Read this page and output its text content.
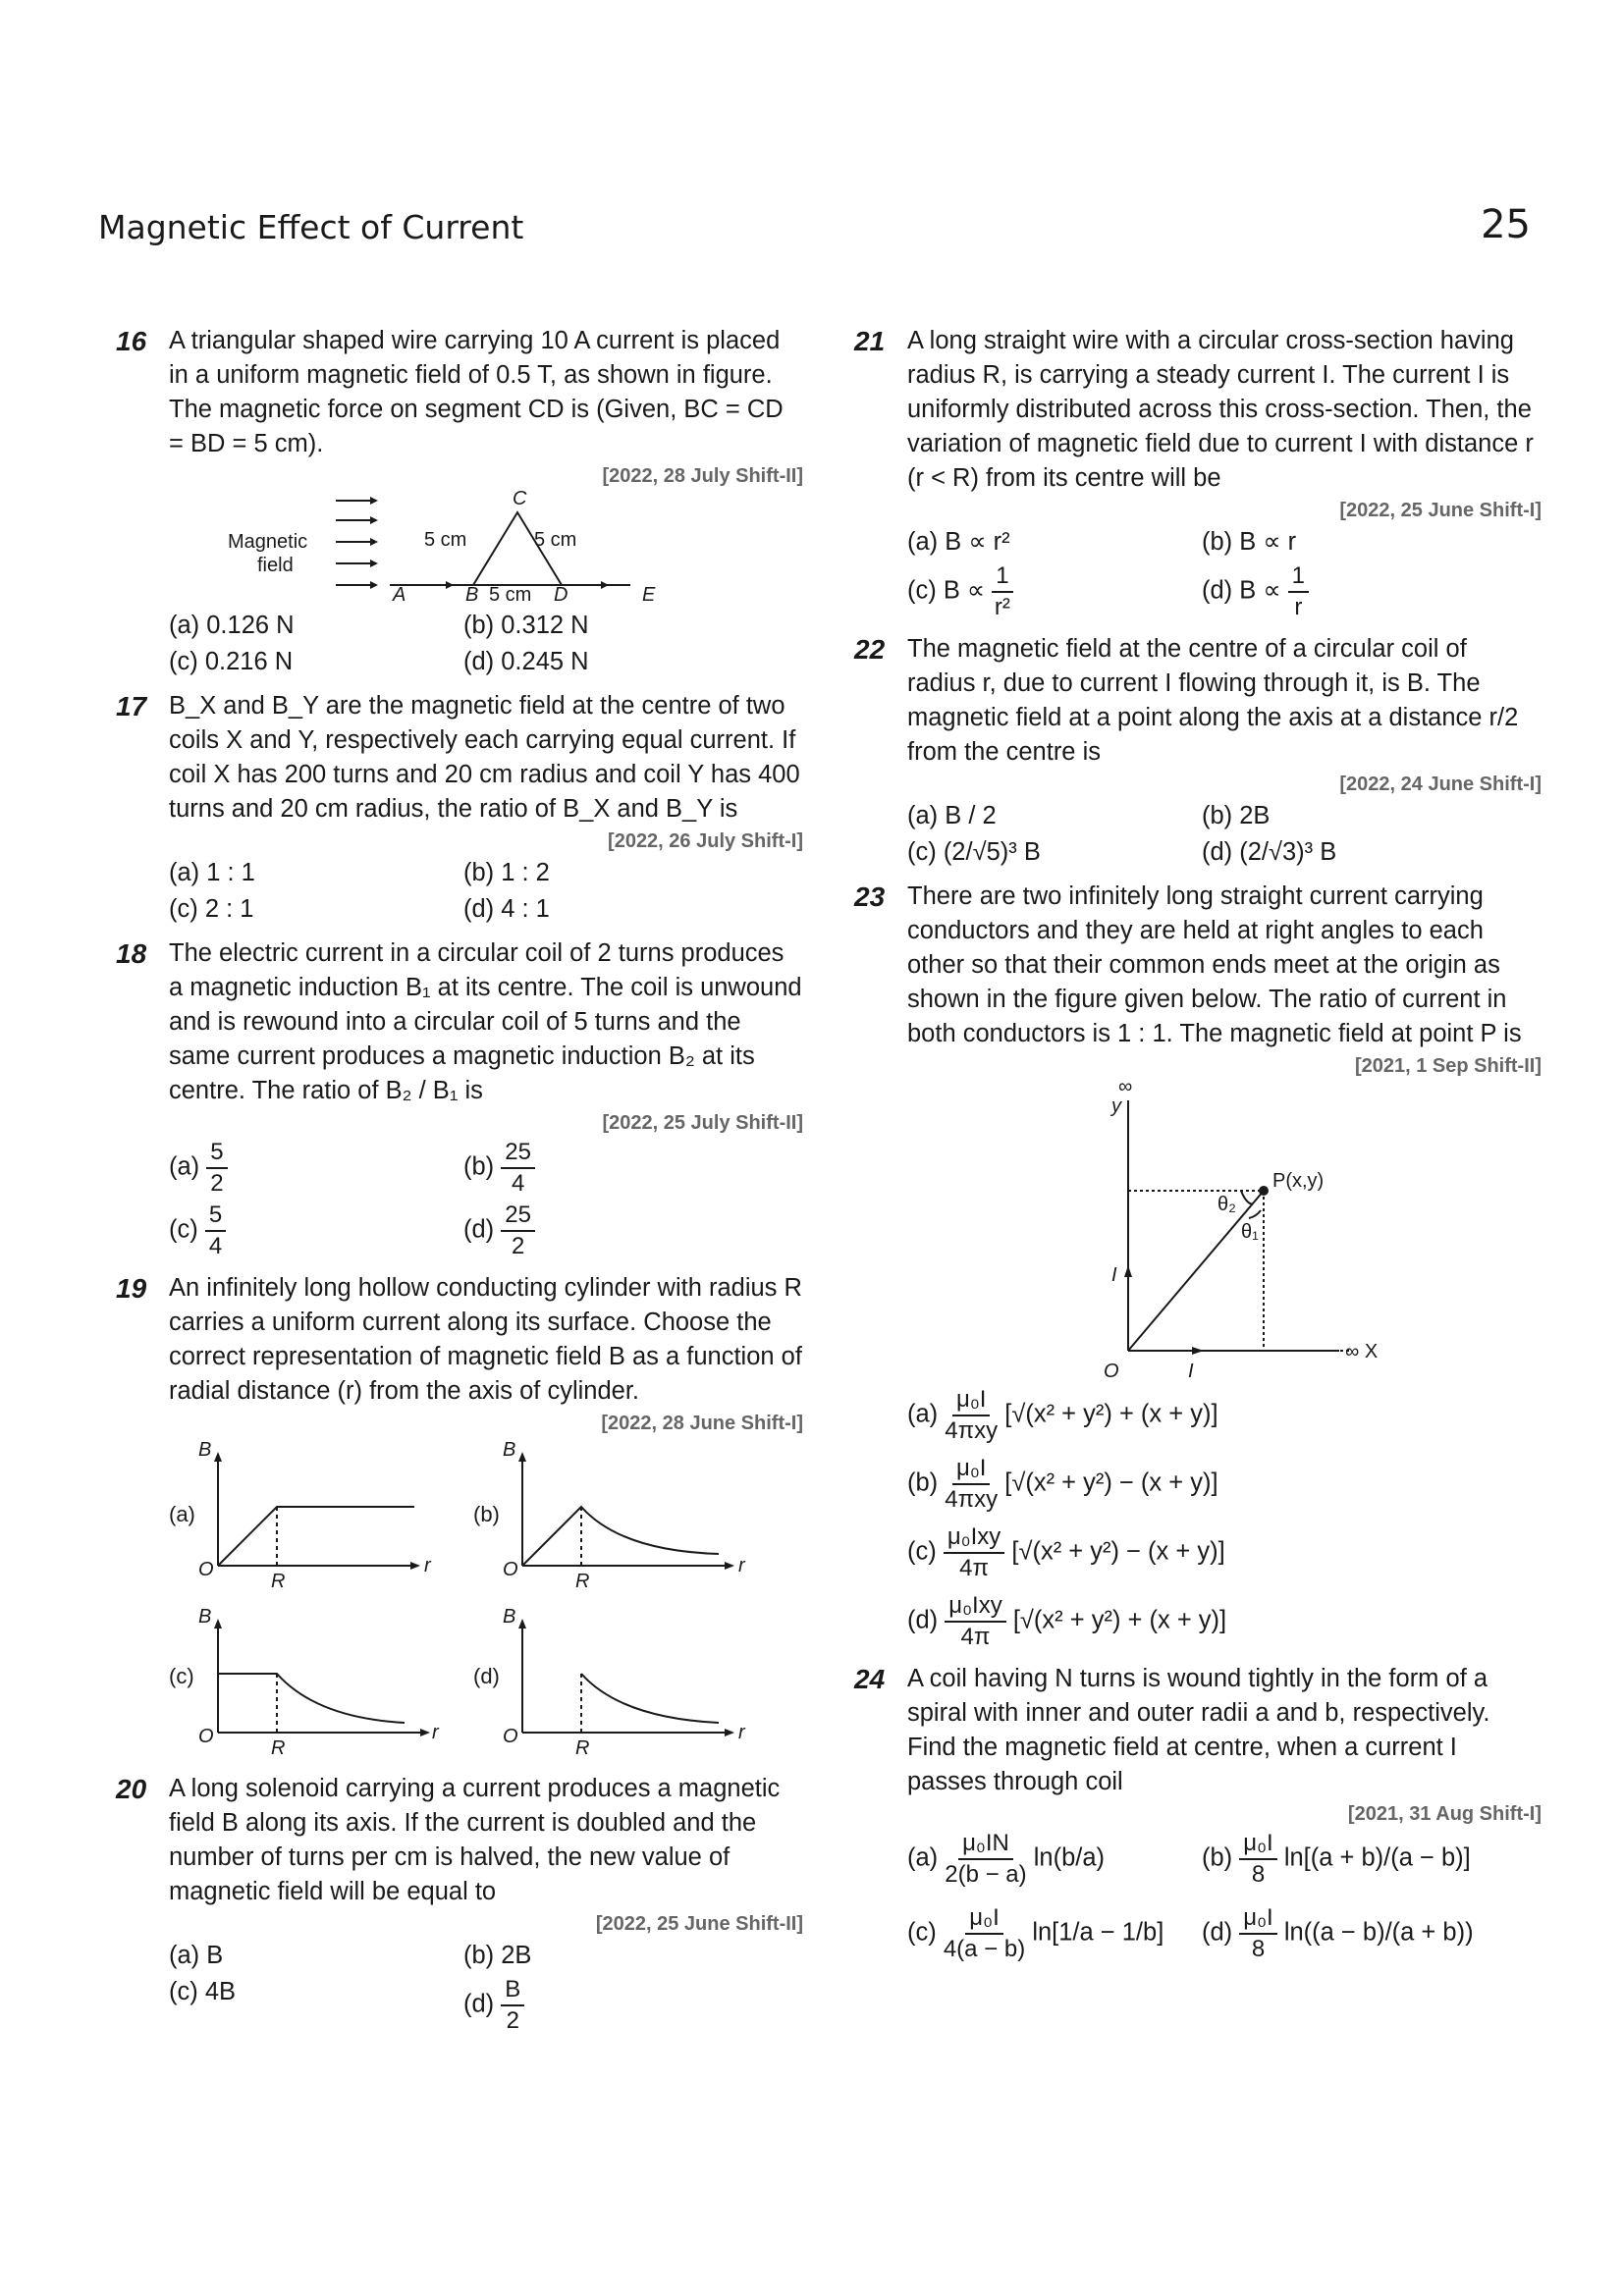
Magnetic Effect of Current	25
16 A triangular shaped wire carrying 10 A current is placed in a uniform magnetic field of 0.5 T, as shown in figure. The magnetic force on segment CD is (Given, BC = CD = BD = 5 cm).
[2022, 28 July Shift-II]
Magnetic
field
C
5 cm	5 cm
A	B 5 cm D	E
(a) 0.126 N	(b) 0.312 N
(c) 0.216 N	(d) 0.245 N
17 B_X and B_Y are the magnetic field at the centre of two coils X and Y, respectively each carrying equal current. If coil X has 200 turns and 20 cm radius and coil Y has 400 turns and 20 cm radius, the ratio of B_X and B_Y is
[2022, 26 July Shift-I]
(a) 1 : 1	(b) 1 : 2
(c) 2 : 1	(d) 4 : 1
18 The electric current in a circular coil of 2 turns produces a magnetic induction B₁ at its centre. The coil is unwound and is rewound into a circular coil of 5 turns and the same current produces a magnetic induction B₂ at its centre. The ratio of B₂ / B₁ is
[2022, 25 July Shift-II]
$(a) \frac{5}{2}$	$(b) \frac{25}{4}$
$(c) \frac{5}{4}$	$(d) \frac{25}{2}$
19 An infinitely long hollow conducting cylinder with radius R carries a uniform current along its surface. Choose the correct representation of magnetic field B as a function of radial distance (r) from the axis of cylinder.
[2022, 28 June Shift-I]
(a)	(b)
(c)	(d)
B	B
B	B
O	O
O	O
R	R
R	R
r	r
r	r
20 A long solenoid carrying a current produces a magnetic field B along its axis. If the current is doubled and the number of turns per cm is halved, the new value of magnetic field will be equal to
[2022, 25 June Shift-II]
(a) B	(b) 2B
(c) 4B	$(d) \frac{B}{2}$
21 A long straight wire with a circular cross-section having radius R, is carrying a steady current I. The current I is uniformly distributed across this cross-section. Then, the variation of magnetic field due to current I with distance r (r < R) from its centre will be
[2022, 25 June Shift-I]
(a) B ∝ r²	(b) B ∝ r
(c) $B \propto \frac{1}{\text{r²}}$	(d) $B \propto \frac{1}{r}$
22 The magnetic field at the centre of a circular coil of radius r, due to current I flowing through it, is B. The magnetic field at a point along the axis at a distance r/2 from the centre is
[2022, 24 June Shift-I]
(a) B / 2	(b) 2B
(c) (2/√5)³ B	(d) (2/√3)³ B
23 There are two infinitely long straight current carrying conductors and they are held at right angles to each other so that their common ends meet at the origin as shown in the figure given below. The ratio of current in both conductors is 1 : 1. The magnetic field at point P is
[2021, 1 Sep Shift-II]
∞
y
P(x,y)
θ₂
θ₁
I
O	I
∞ X
$(a) \frac{\text{μ₀I}}{\text{4πxy}} [√(x^2 + y^2) + (x + y)]$
$(b) \frac{\text{μ₀I}}{\text{4πxy}} [√(x^2 + y^2) - (x + y)]$
$(c) \frac{\text{μ₀Ixy}}{4\pi} [√(x^2 + y^2) - (x + y)]$
$(d) \frac{\text{μ₀Ixy}}{4\pi} [√(x^2 + y^2) + (x + y)]$
24 A coil having N turns is wound tightly in the form of a spiral with inner and outer radii a and b, respectively. Find the magnetic field at centre, when a current I passes through coil
[2021, 31 Aug Shift-I]
$(a) \frac{\text{μ₀IN}}{2(b - a)} \ln(b/a)$	$(b) \frac{\text{μ₀I}}{8} \ln[(a + b)/(a - b)]$
$(c) \frac{\text{μ₀I}}{4(a - b)} \ln[1/a - 1/b]$	$(d) \frac{\text{μ₀I}}{8} \ln((a - b)/(a + b))$
